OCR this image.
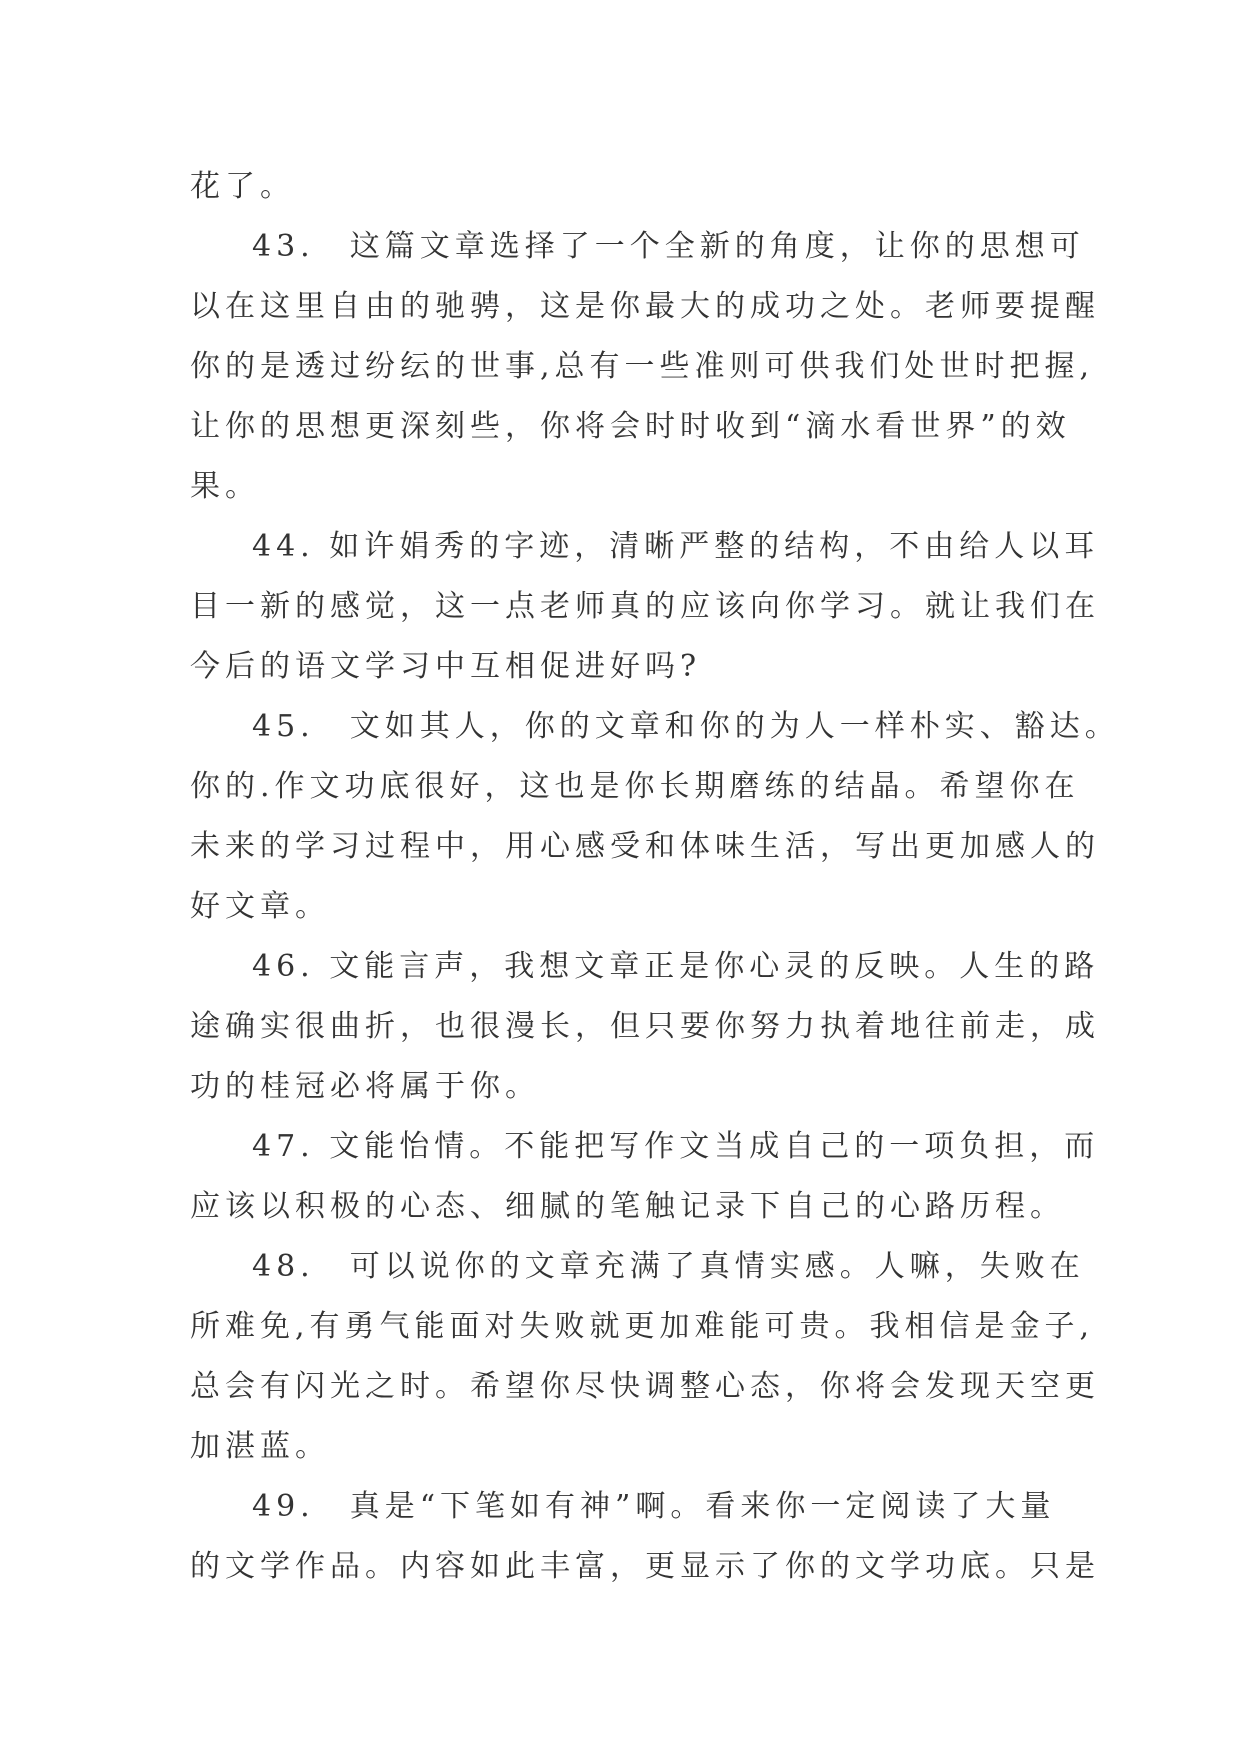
花了。
43.　这篇文章选择了一个全新的角度，让你的思想可
以在这里自由的驰骋，这是你最大的成功之处。老师要提醒
你的是透过纷纭的世事,总有一些准则可供我们处世时把握,
让你的思想更深刻些，你将会时时收到“滴水看世界”的效
果。
44. 如许娟秀的字迹，清晰严整的结构，不由给人以耳
目一新的感觉，这一点老师真的应该向你学习。就让我们在
今后的语文学习中互相促进好吗?
45.　文如其人，你的文章和你的为人一样朴实、豁达。
你的.作文功底很好，这也是你长期磨练的结晶。希望你在
未来的学习过程中，用心感受和体味生活，写出更加感人的
好文章。
46. 文能言声，我想文章正是你心灵的反映。人生的路
途确实很曲折，也很漫长，但只要你努力执着地往前走，成
功的桂冠必将属于你。
47. 文能怡情。不能把写作文当成自己的一项负担，而
应该以积极的心态、细腻的笔触记录下自己的心路历程。
48.　可以说你的文章充满了真情实感。人嘛，失败在
所难免,有勇气能面对失败就更加难能可贵。我相信是金子,
总会有闪光之时。希望你尽快调整心态，你将会发现天空更
加湛蓝。
49.　真是“下笔如有神”啊。看来你一定阅读了大量
的文学作品。内容如此丰富，更显示了你的文学功底。只是
